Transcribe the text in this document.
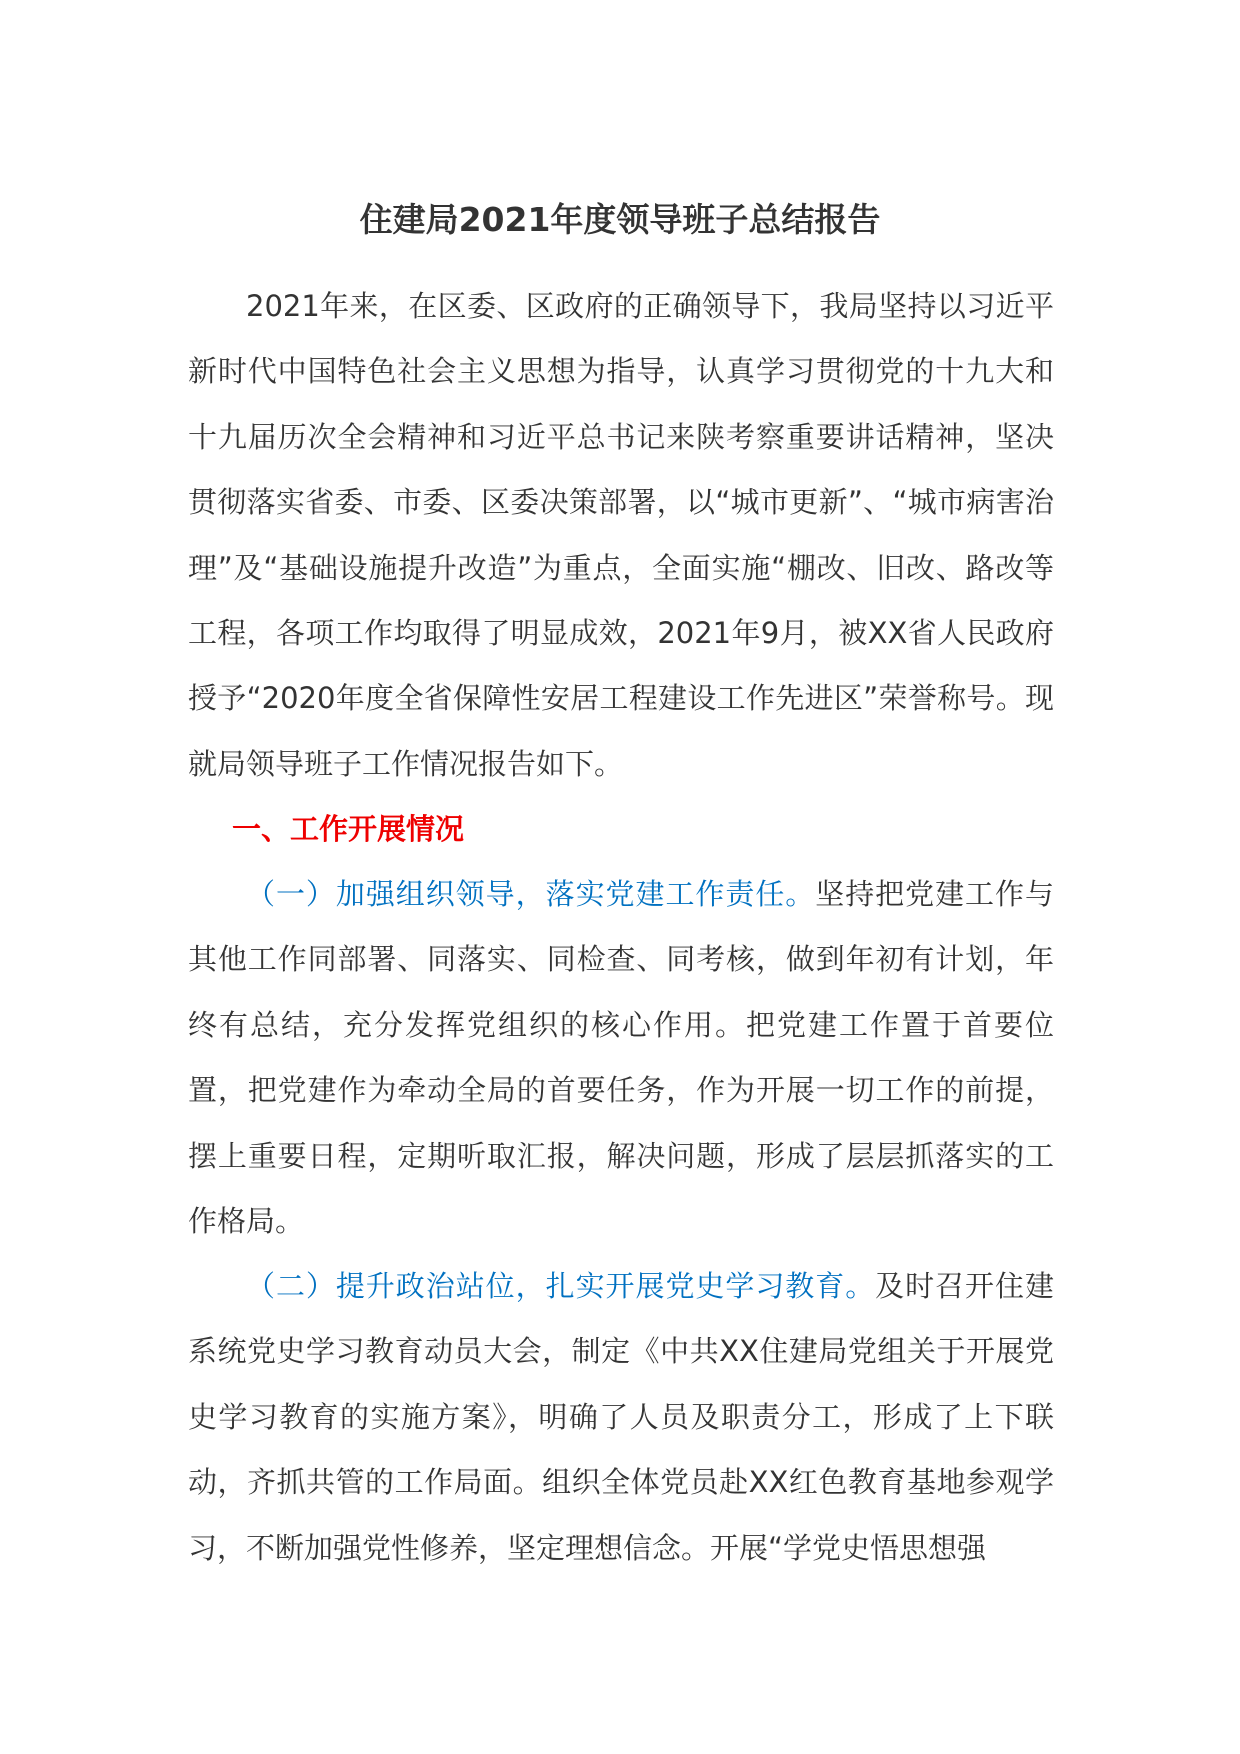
住建局2021年度领导班子总结报告

2021年来，在区委、区政府的正确领导下，我局坚持以习近平新时代中国特色社会主义思想为指导，认真学习贯彻党的十九大和十九届历次全会精神和习近平总书记来陕考察重要讲话精神，坚决贯彻落实省委、市委、区委决策部署，以“城市更新”、“城市病害治理”及“基础设施提升改造”为重点，全面实施“棚改、旧改、路改等工程，各项工作均取得了明显成效，2021年9月，被XX省人民政府授予“2020年度全省保障性安居工程建设工作先进区”荣誉称号。现就局领导班子工作情况报告如下。

一、工作开展情况

（一）加强组织领导，落实党建工作责任。坚持把党建工作与其他工作同部署、同落实、同检查、同考核，做到年初有计划，年终有总结，充分发挥党组织的核心作用。把党建工作置于首要位置，把党建作为牵动全局的首要任务，作为开展一切工作的前提，摆上重要日程，定期听取汇报，解决问题，形成了层层抓落实的工作格局。

（二）提升政治站位，扎实开展党史学习教育。及时召开住建系统党史学习教育动员大会，制定《中共XX住建局党组关于开展党史学习教育的实施方案》，明确了人员及职责分工，形成了上下联动，齐抓共管的工作局面。组织全体党员赴XX红色教育基地参观学习，不断加强党性修养，坚定理想信念。开展“学党史悟思想强
